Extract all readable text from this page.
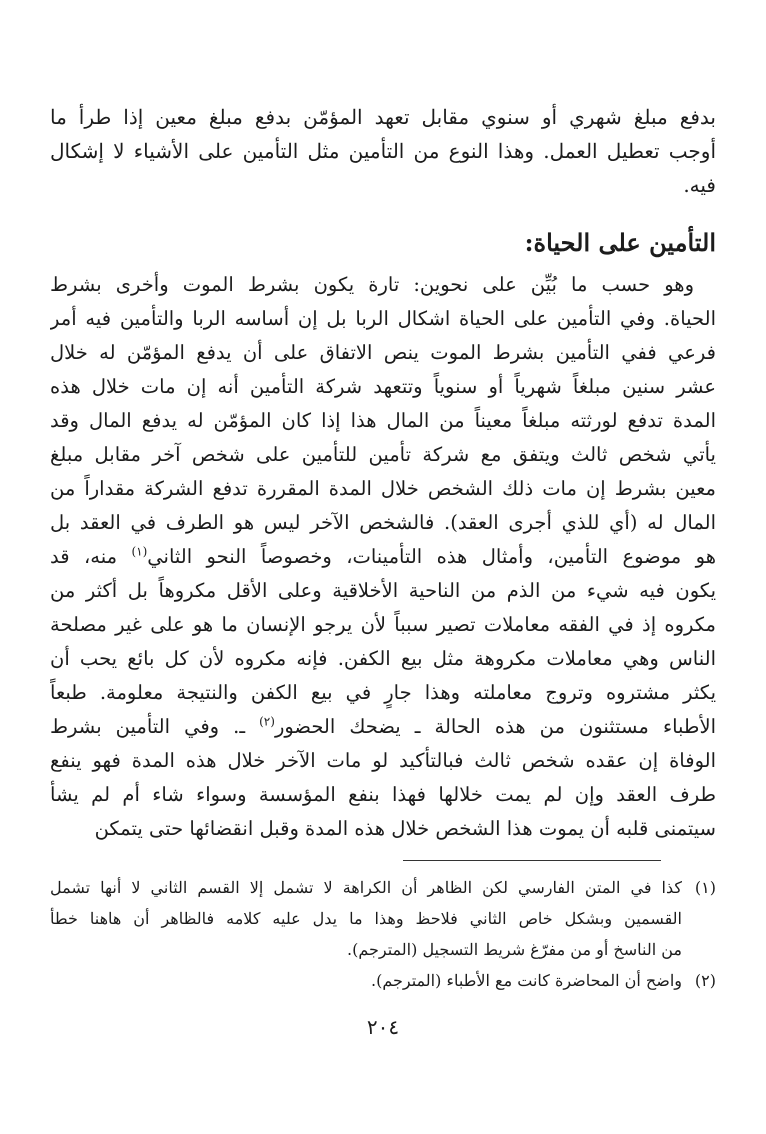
بدفع مبلغ شهري أو سنوي مقابل تعهد المؤمّن بدفع مبلغ معين إذا طرأ ما
أوجب تعطيل العمل. وهذا النوع من التأمين مثل التأمين على الأشياء لا إشكال
فيه.
التأمين على الحياة:
وهو حسب ما بُيِّن على نحوين: تارة يكون بشرط الموت وأخرى بشرط
الحياة. وفي التأمين على الحياة اشكال الربا بل إن أساسه الربا والتأمين فيه أمر
فرعي ففي التأمين بشرط الموت ينص الاتفاق على أن يدفع المؤمّن له خلال
عشر سنين مبلغاً شهرياً أو سنوياً وتتعهد شركة التأمين أنه إن مات خلال هذه
المدة تدفع لورثته مبلغاً معيناً من المال هذا إذا كان المؤمّن له يدفع المال وقد
يأتي شخص ثالث ويتفق مع شركة تأمين للتأمين على شخص آخر مقابل مبلغ
معين بشرط إن مات ذلك الشخص خلال المدة المقررة تدفع الشركة مقداراً من
المال له (أي للذي أجرى العقد). فالشخص الآخر ليس هو الطرف في العقد بل
هو موضوع التأمين، وأمثال هذه التأمينات، وخصوصاً النحو الثاني$^{(١)}$ منه، قد
يكون فيه شيء من الذم من الناحية الأخلاقية وعلى الأقل مكروهاً بل أكثر من
مكروه إذ في الفقه معاملات تصير سبباً لأن يرجو الإنسان ما هو على غير مصلحة
الناس وهي معاملات مكروهة مثل بيع الكفن. فإنه مكروه لأن كل بائع يحب أن
يكثر مشتروه وتروج معاملته وهذا جارٍ في بيع الكفن والنتيجة معلومة. طبعاً
الأطباء مستثنون من هذه الحالة ـ يضحك الحضور$^{(٢)}$ ـ. وفي التأمين بشرط
الوفاة إن عقده شخص ثالث فبالتأكيد لو مات الآخر خلال هذه المدة فهو ينفع
طرف العقد وإن لم يمت خلالها فهذا بنفع المؤسسة وسواء شاء أم لم يشأ
سيتمنى قلبه أن يموت هذا الشخص خلال هذه المدة وقبل انقضائها حتى يتمكن
(١)
كذا في المتن الفارسي لكن الظاهر أن الكراهة لا تشمل إلا القسم الثاني لا أنها تشمل
القسمين وبشكل خاص الثاني فلاحظ وهذا ما يدل عليه كلامه فالظاهر أن هاهنا خطأ
من الناسخ أو من مفرّغ شريط التسجيل (المترجم).
(٢)
واضح أن المحاضرة كانت مع الأطباء (المترجم).
٢٠٤
